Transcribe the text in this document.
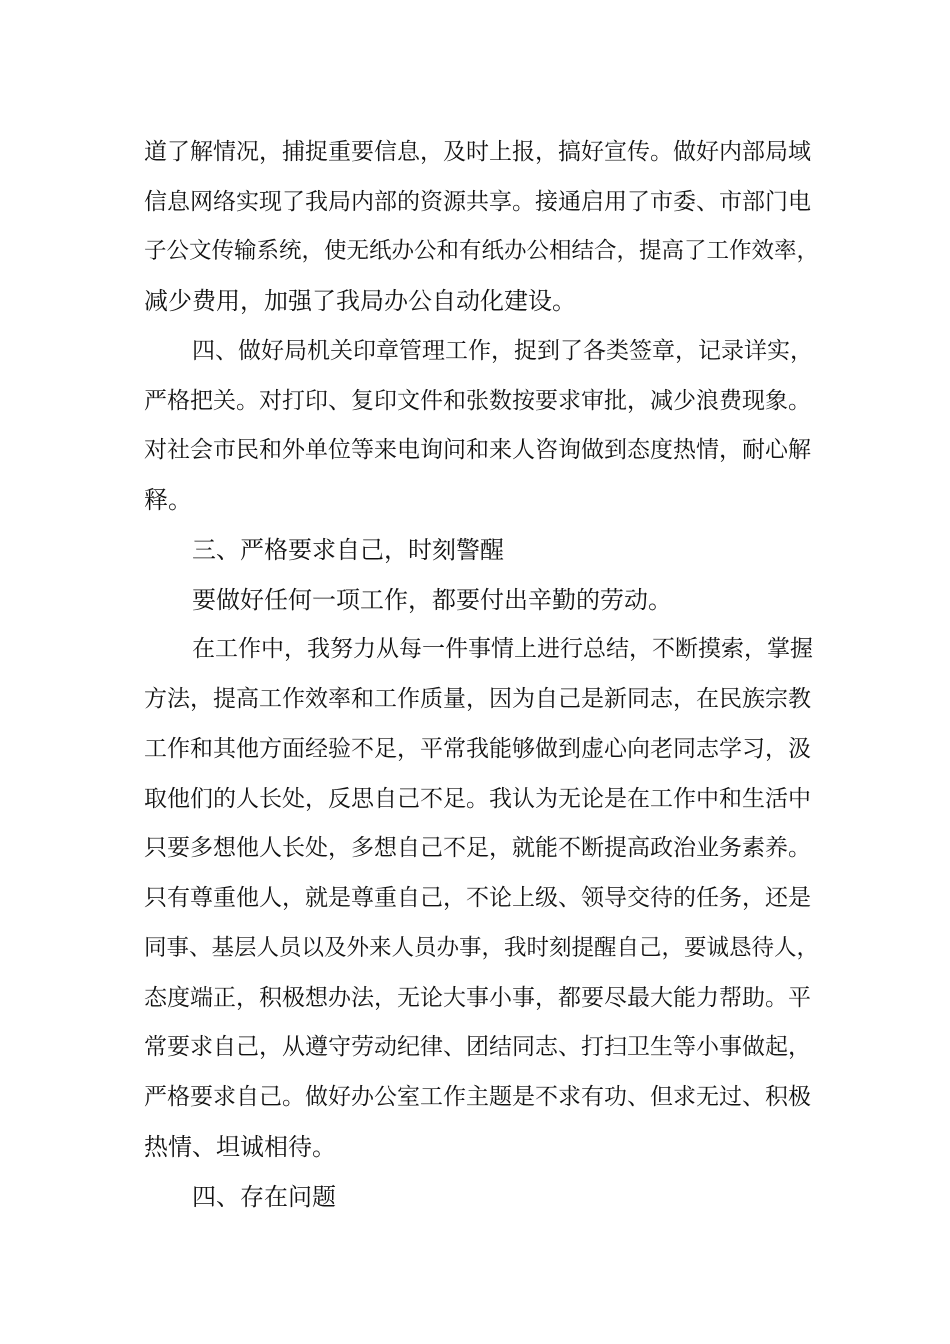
道了解情况，捕捉重要信息，及时上报，搞好宣传。做好内部局域
信息网络实现了我局内部的资源共享。接通启用了市委、市部门电
子公文传输系统，使无纸办公和有纸办公相结合，提高了工作效率，
减少费用，加强了我局办公自动化建设。
四、做好局机关印章管理工作，捉到了各类签章，记录详实，
严格把关。对打印、复印文件和张数按要求审批，减少浪费现象。
对社会市民和外单位等来电询问和来人咨询做到态度热情，耐心解
释。
三、严格要求自己，时刻警醒
要做好任何一项工作，都要付出辛勤的劳动。
在工作中，我努力从每一件事情上进行总结，不断摸索，掌握
方法，提高工作效率和工作质量，因为自己是新同志，在民族宗教
工作和其他方面经验不足，平常我能够做到虚心向老同志学习，汲
取他们的人长处，反思自己不足。我认为无论是在工作中和生活中
只要多想他人长处，多想自己不足，就能不断提高政治业务素养。
只有尊重他人，就是尊重自己，不论上级、领导交待的任务，还是
同事、基层人员以及外来人员办事，我时刻提醒自己，要诚恳待人，
态度端正，积极想办法，无论大事小事，都要尽最大能力帮助。平
常要求自己，从遵守劳动纪律、团结同志、打扫卫生等小事做起，
严格要求自己。做好办公室工作主题是不求有功、但求无过、积极
热情、坦诚相待。
四、存在问题
